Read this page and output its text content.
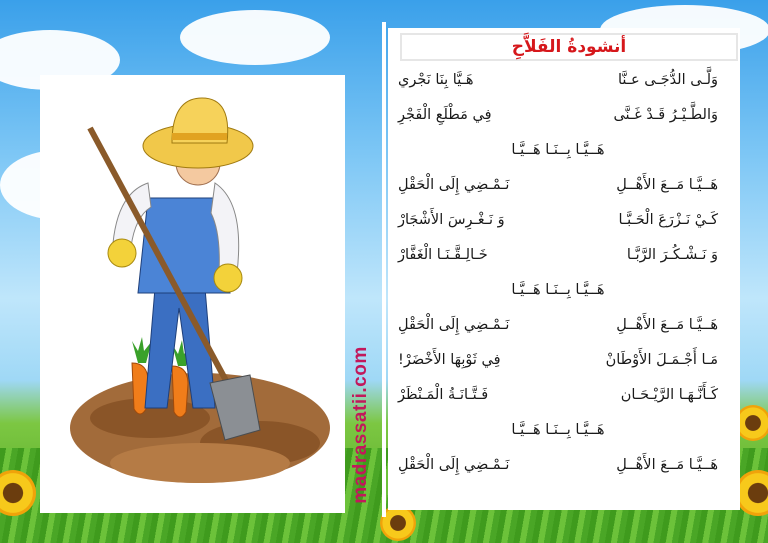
أنشودةُ الفَلاَّحِ
وَلَّـى الدُّجَـى عـنَّا
هَـيَّا بِنَا نَجْري
وَالطَّـيْـرُ قَـدْ غَـنَّى
فِي مَطْلَعِ الْفَجْرِ
هَــيَّـا بِــنَـا هَــيَّـا
هَــيَّـا مَــعَ الأَهْــلِ
نَـمْـضِي إِلَى الْحَقْلِ
كَـيْ نَـزْرَعَ الْحَـبَّـا
وَ نَـغْـرِسَ الأَشْجَارْ
وَ نَـشْـكُـرَ الرَّبَّـا
خَـالِـقَّـنَـا الْغَفَّارْ
هَــيَّـا بِــنَـا هَــيَّـا
هَــيَّـا مَــعَ الأَهْــلِ
نَـمْـضِي إِلَى الْحَقْلِ
مَـا أَجْـمَـلَ الأَوْطَانْ
فِي ثَوْبِهَا الأَخْضَرْ!
كَـأَنَّـهَـا الرَّيْـحَـان
فَـتَّـانَـةُ الْمَـنْظَرْ
هَــيَّـا بِــنَـا هَــيَّـا
هَــيَّـا مَــعَ الأَهْــلِ
نَـمْـضِي إِلَى الْحَقْلِ
madrassatii.com
